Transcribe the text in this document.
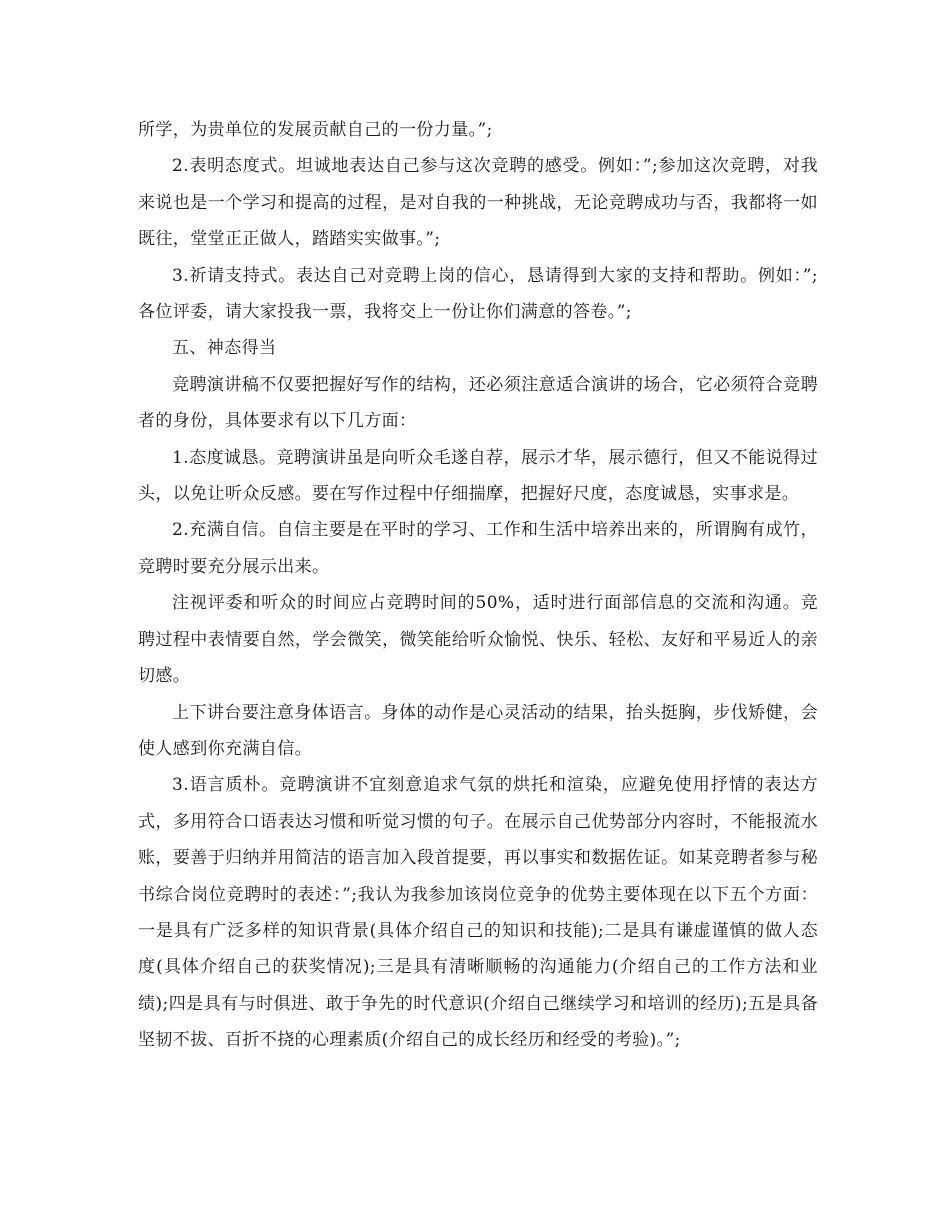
所学，为贵单位的发展贡献自己的一份力量。”;

2.表明态度式。坦诚地表达自己参与这次竞聘的感受。例如：”;参加这次竞聘，对我来说也是一个学习和提高的过程，是对自我的一种挑战，无论竞聘成功与否，我都将一如既往，堂堂正正做人，踏踏实实做事。”;

3.祈请支持式。表达自己对竞聘上岗的信心，恳请得到大家的支持和帮助。例如：”;各位评委，请大家投我一票，我将交上一份让你们满意的答卷。”;

五、神态得当

竞聘演讲稿不仅要把握好写作的结构，还必须注意适合演讲的场合，它必须符合竞聘者的身份，具体要求有以下几方面：

1.态度诚恳。竞聘演讲虽是向听众毛遂自荐，展示才华，展示德行，但又不能说得过头，以免让听众反感。要在写作过程中仔细揣摩，把握好尺度，态度诚恳，实事求是。

2.充满自信。自信主要是在平时的学习、工作和生活中培养出来的，所谓胸有成竹，竞聘时要充分展示出来。

注视评委和听众的时间应占竞聘时间的50%，适时进行面部信息的交流和沟通。竞聘过程中表情要自然，学会微笑，微笑能给听众愉悦、快乐、轻松、友好和平易近人的亲切感。

上下讲台要注意身体语言。身体的动作是心灵活动的结果，抬头挺胸，步伐矫健，会使人感到你充满自信。

3.语言质朴。竞聘演讲不宜刻意追求气氛的烘托和渲染，应避免使用抒情的表达方式，多用符合口语表达习惯和听觉习惯的句子。在展示自己优势部分内容时，不能报流水账，要善于归纳并用简洁的语言加入段首提要，再以事实和数据佐证。如某竞聘者参与秘书综合岗位竞聘时的表述：”;我认为我参加该岗位竞争的优势主要体现在以下五个方面：一是具有广泛多样的知识背景(具体介绍自己的知识和技能);二是具有谦虚谨慎的做人态度(具体介绍自己的获奖情况);三是具有清晰顺畅的沟通能力(介绍自己的工作方法和业绩);四是具有与时俱进、敢于争先的时代意识(介绍自己继续学习和培训的经历);五是具备坚韧不拔、百折不挠的心理素质(介绍自己的成长经历和经受的考验)。”;
